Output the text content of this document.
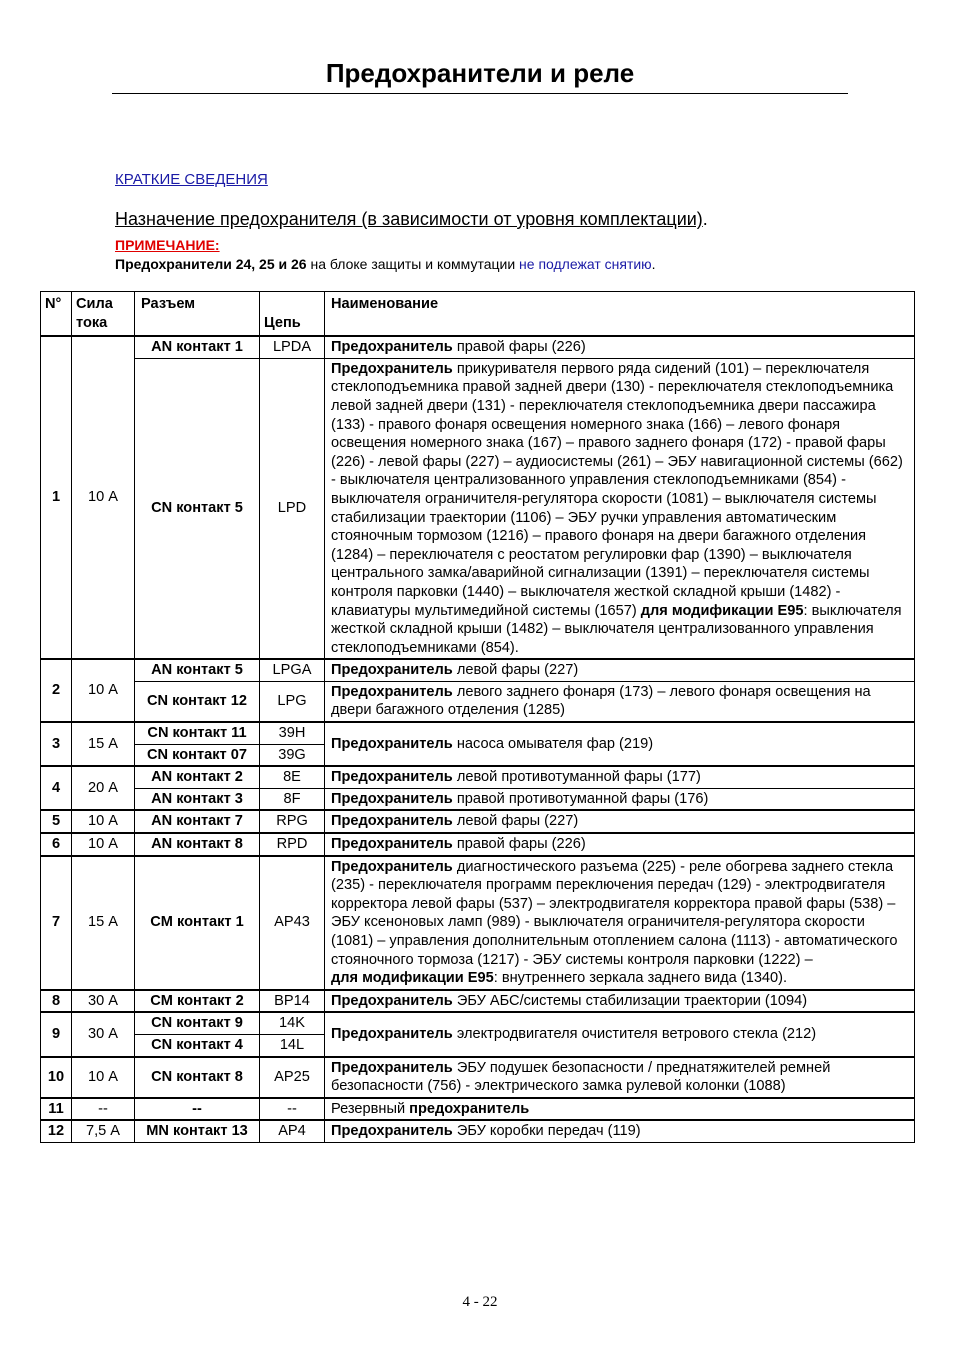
Предохранители и реле
КРАТКИЕ СВЕДЕНИЯ
Назначение предохранителя (в зависимости от уровня комплектации).
ПРИМЕЧАНИЕ:
Предохранители 24, 25 и 26 на блоке защиты и коммутации не подлежат снятию.
N°	Сила тока	Разъем	Цепь	Наименование
1	10 А	AN контакт 1	LPDA	Предохранитель правой фары (226)
		CN контакт 5	LPD	Предохранитель прикуривателя первого ряда сидений (101) – переключателя стеклоподъемника правой задней двери (130) - переключателя стеклоподъемника левой задней двери (131) - переключателя стеклоподъемника двери пассажира (133) - правого фонаря освещения номерного знака (166) – левого фонаря освещения номерного знака (167) – правого заднего фонаря (172) - правой фары (226) - левой фары (227) – аудиосистемы (261) – ЭБУ навигационной системы (662) - выключателя централизованного управления стеклоподъемниками (854) - выключателя ограничителя-регулятора скорости (1081) – выключателя системы стабилизации траектории (1106) – ЭБУ ручки управления автоматическим стояночным тормозом (1216) – правого фонаря на двери багажного отделения (1284) – переключателя с реостатом регулировки фар (1390) – выключателя центрального замка/аварийной сигнализации (1391) – переключателя системы контроля парковки (1440) – выключателя жесткой складной крыши (1482) - клавиатуры мультимедийной системы (1657) для модификации Е95: выключателя жесткой складной крыши (1482) – выключателя централизованного управления стеклоподъемниками (854).
2	10 А	AN контакт 5	LPGA	Предохранитель левой фары (227)
		CN контакт 12	LPG	Предохранитель левого заднего фонаря (173) – левого фонаря освещения на двери багажного отделения (1285)
3	15 А	CN контакт 11	39H	Предохранитель насоса омывателя фар (219)
		CN контакт 07	39G	
4	20 А	AN контакт 2	8E	Предохранитель левой противотуманной фары (177)
		AN контакт 3	8F	Предохранитель правой противотуманной фары (176)
5	10 А	AN контакт 7	RPG	Предохранитель левой фары (227)
6	10 А	AN контакт 8	RPD	Предохранитель правой фары (226)
7	15 А	CM контакт 1	AP43	Предохранитель диагностического разъема (225) - реле обогрева заднего стекла (235) - переключателя программ переключения передач (129) - электродвигателя корректора левой фары (537) – электродвигателя корректора правой фары (538) – ЭБУ ксеноновых ламп (989) - выключателя ограничителя-регулятора скорости (1081) – управления дополнительным отоплением салона (1113) - автоматического стояночного тормоза (1217) - ЭБУ системы контроля парковки (1222) –
для модификации Е95: внутреннего зеркала заднего вида (1340).
8	30 А	CM контакт 2	BP14	Предохранитель ЭБУ АБС/системы стабилизации траектории (1094)
9	30 А	CN контакт 9	14K	Предохранитель электродвигателя очистителя ветрового стекла (212)
		CN контакт 4	14L	
10	10 А	CN контакт 8	AP25	Предохранитель ЭБУ подушек безопасности / преднатяжителей ремней безопасности (756) - электрического замка рулевой колонки (1088)
11	--	--	--	Резервный предохранитель
12	7,5 А	MN контакт 13	AP4	Предохранитель ЭБУ коробки передач (119)
4 - 22
